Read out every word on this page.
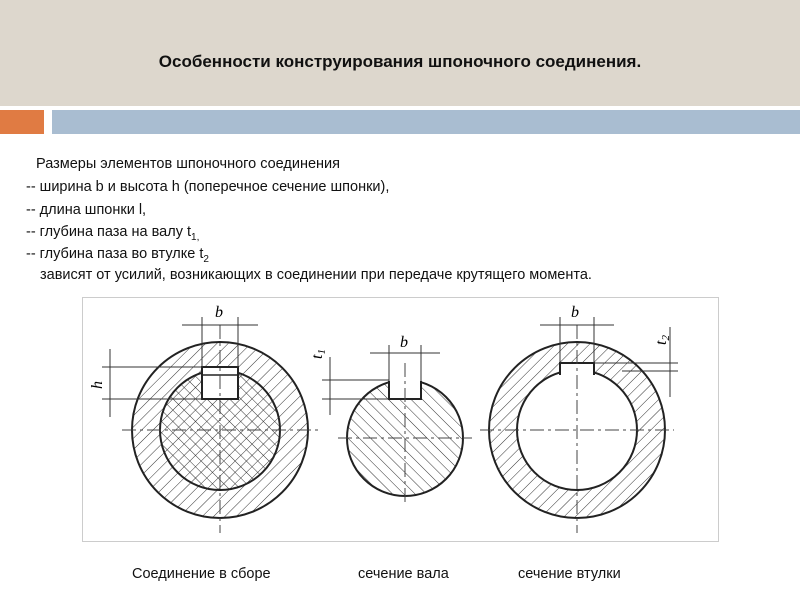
Особенности конструирования шпоночного соединения.
Размеры элементов шпоночного соединения
-- ширина b и высота h (поперечное сечение шпонки),
-- длина шпонки l,
-- глубина паза на валу $t_{1,}$
-- глубина паза во втулке $t_2$
зависят от усилий, возникающих в соединении при передаче крутящего момента.
b
h
b
t1
b
t2
Соединение в сборе	сечение вала	сечение втулки
